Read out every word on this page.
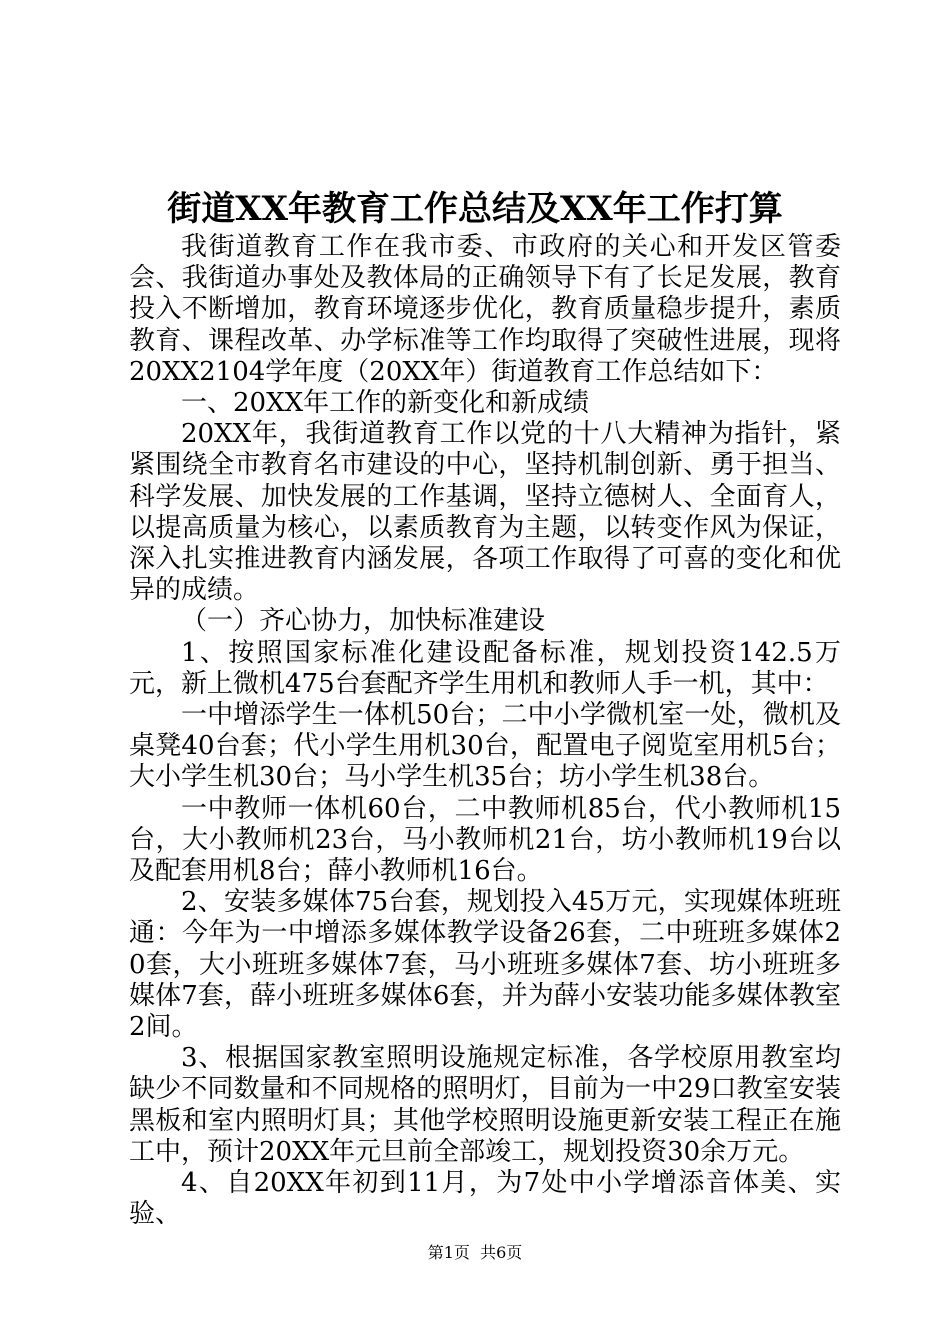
街道XX年教育工作总结及XX年工作打算

我街道教育工作在我市委、市政府的关心和开发区管委会、我街道办事处及教体局的正确领导下有了长足发展，教育投入不断增加，教育环境逐步优化，教育质量稳步提升，素质教育、课程改革、办学标准等工作均取得了突破性进展，现将20XX2104学年度（20XX年）街道教育工作总结如下：

一、20XX年工作的新变化和新成绩

20XX年，我街道教育工作以党的十八大精神为指针，紧紧围绕全市教育名市建设的中心，坚持机制创新、勇于担当、科学发展、加快发展的工作基调，坚持立德树人、全面育人，以提高质量为核心，以素质教育为主题，以转变作风为保证，深入扎实推进教育内涵发展，各项工作取得了可喜的变化和优异的成绩。

（一）齐心协力，加快标准建设

1、按照国家标准化建设配备标准，规划投资142.5万元，新上微机475台套配齐学生用机和教师人手一机，其中：

一中增添学生一体机50台；二中小学微机室一处，微机及桌凳40台套；代小学生用机30台，配置电子阅览室用机5台；大小学生机30台；马小学生机35台；坊小学生机38台。

一中教师一体机60台，二中教师机85台，代小教师机15台，大小教师机23台，马小教师机21台，坊小教师机19台以及配套用机8台；薛小教师机16台。

2、安装多媒体75台套，规划投入45万元，实现媒体班班通：今年为一中增添多媒体教学设备26套，二中班班多媒体20套，大小班班多媒体7套，马小班班多媒体7套、坊小班班多媒体7套，薛小班班多媒体6套，并为薛小安装功能多媒体教室2间。

3、根据国家教室照明设施规定标准，各学校原用教室均缺少不同数量和不同规格的照明灯，目前为一中29口教室安装黑板和室内照明灯具；其他学校照明设施更新安装工程正在施工中，预计20XX年元旦前全部竣工，规划投资30余万元。

4、自20XX年初到11月，为7处中小学增添音体美、实验、

第1页 共6页
